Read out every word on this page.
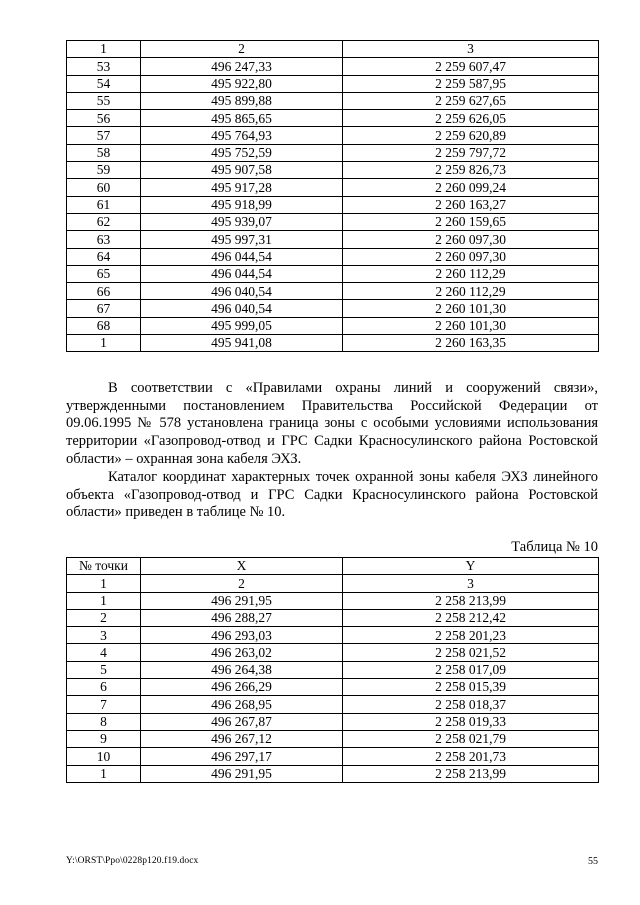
1	2	3
53	496 247,33	2 259 607,47
54	495 922,80	2 259 587,95
55	495 899,88	2 259 627,65
56	495 865,65	2 259 626,05
57	495 764,93	2 259 620,89
58	495 752,59	2 259 797,72
59	495 907,58	2 259 826,73
60	495 917,28	2 260 099,24
61	495 918,99	2 260 163,27
62	495 939,07	2 260 159,65
63	495 997,31	2 260 097,30
64	496 044,54	2 260 097,30
65	496 044,54	2 260 112,29
66	496 040,54	2 260 112,29
67	496 040,54	2 260 101,30
68	495 999,05	2 260 101,30
1	495 941,08	2 260 163,35

В соответствии с «Правилами охраны линий и сооружений связи», утвержденными постановлением Правительства Российской Федерации от 09.06.1995 № 578 установлена граница зоны с особыми условиями использования территории «Газопровод-отвод и ГРС Садки Красносулинского района Ростовской области» – охранная зона кабеля ЭХЗ.

Каталог координат характерных точек охранной зоны кабеля ЭХЗ линейного объекта «Газопровод-отвод и ГРС Садки Красносулинского района Ростовской области» приведен в таблице № 10.

Таблица № 10
№ точки	X	Y
1	2	3
1	496 291,95	2 258 213,99
2	496 288,27	2 258 212,42
3	496 293,03	2 258 201,23
4	496 263,02	2 258 021,52
5	496 264,38	2 258 017,09
6	496 266,29	2 258 015,39
7	496 268,95	2 258 018,37
8	496 267,87	2 258 019,33
9	496 267,12	2 258 021,79
10	496 297,17	2 258 201,73
1	496 291,95	2 258 213,99
Y:\ORST\Ppo\0228p120.f19.docx	55
